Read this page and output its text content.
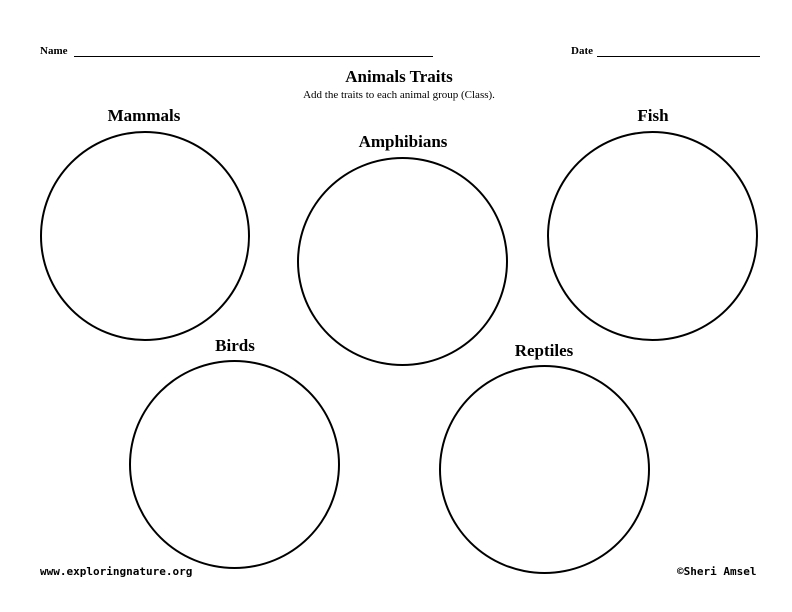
Name	Date
Animals Traits
Add the traits to each animal group (Class).
Mammals
Amphibians
Fish
Birds	Reptiles
www.exploringnature.org	©Sheri Amsel
